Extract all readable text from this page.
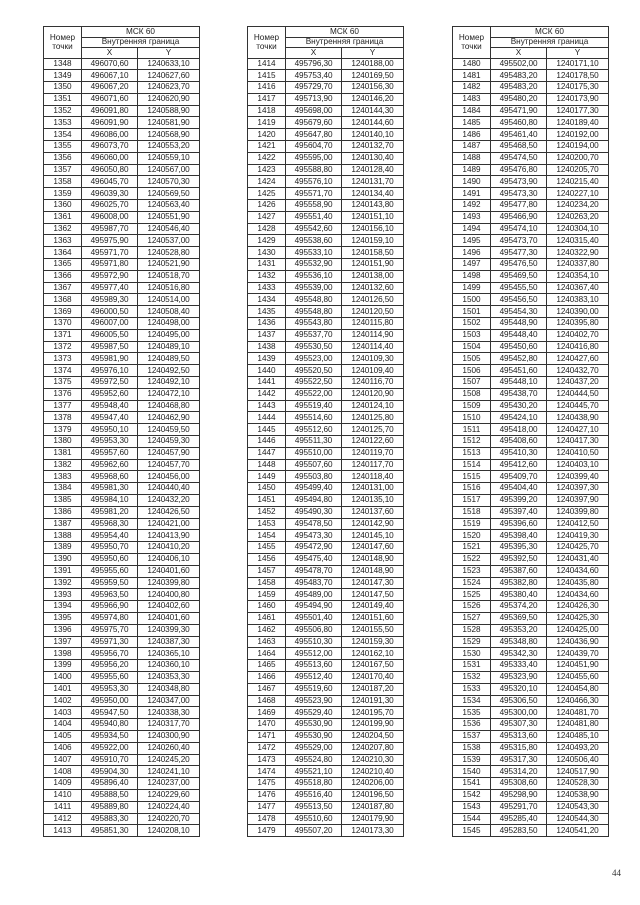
Номер точки	МСК 60	
	Внутренняя граница	
	X	Y
1348	496070,60	1240633,10
1349	496067,10	1240627,60
1350	496067,20	1240623,70
1351	496071,60	1240620,90
1352	496091,80	1240588,90
1353	496091,90	1240581,90
1354	496086,00	1240568,90
1355	496073,70	1240553,20
1356	496060,00	1240559,10
1357	496050,80	1240567,00
1358	496045,70	1240570,30
1359	496039,30	1240569,50
1360	496025,70	1240563,40
1361	496008,00	1240551,90
1362	495987,70	1240546,40
1363	495975,90	1240537,00
1364	495971,70	1240528,80
1365	495971,80	1240521,90
1366	495972,90	1240518,70
1367	495977,40	1240516,80
1368	495989,30	1240514,00
1369	496000,50	1240508,40
1370	496007,00	1240498,00
1371	496005,50	1240495,00
1372	495987,50	1240489,10
1373	495981,90	1240489,50
1374	495976,10	1240492,50
1375	495972,50	1240492,10
1376	495952,60	1240472,10
1377	495948,40	1240468,80
1378	495947,40	1240462,90
1379	495950,10	1240459,50
1380	495953,30	1240459,30
1381	495957,60	1240457,90
1382	495962,60	1240457,70
1383	495968,60	1240456,00
1384	495981,30	1240440,40
1385	495984,10	1240432,20
1386	495981,20	1240426,50
1387	495968,30	1240421,00
1388	495954,40	1240413,90
1389	495950,70	1240410,20
1390	495950,60	1240406,10
1391	495955,60	1240401,60
1392	495959,50	1240399,80
1393	495963,50	1240400,80
1394	495966,90	1240402,60
1395	495974,80	1240401,60
1396	495975,70	1240399,30
1397	495971,30	1240387,30
1398	495956,70	1240365,10
1399	495956,20	1240360,10
1400	495955,60	1240353,30
1401	495953,30	1240348,80
1402	495950,00	1240347,00
1403	495947,50	1240338,30
1404	495940,80	1240317,70
1405	495934,50	1240300,90
1406	495922,00	1240260,40
1407	495910,70	1240245,20
1408	495904,30	1240241,10
1409	495896,40	1240237,00
1410	495888,50	1240229,60
1411	495889,80	1240224,40
1412	495883,30	1240220,70
1413	495851,30	1240208,10
Номер точки	МСК 60	
	Внутренняя граница	
	X	Y
1414	495796,30	1240188,00
1415	495753,40	1240169,50
1416	495729,70	1240156,30
1417	495713,90	1240146,20
1418	495698,00	1240144,30
1419	495679,60	1240144,60
1420	495647,80	1240140,10
1421	495604,70	1240132,70
1422	495595,00	1240130,40
1423	495588,80	1240128,40
1424	495576,10	1240131,70
1425	495571,70	1240134,40
1426	495558,90	1240143,80
1427	495551,40	1240151,10
1428	495542,60	1240156,10
1429	495538,60	1240159,10
1430	495533,10	1240158,50
1431	495532,90	1240151,90
1432	495536,10	1240138,00
1433	495539,00	1240132,60
1434	495548,80	1240126,50
1435	495548,80	1240120,50
1436	495543,80	1240115,80
1437	495537,70	1240114,90
1438	495530,50	1240114,40
1439	495523,00	1240109,30
1440	495520,50	1240109,40
1441	495522,50	1240116,70
1442	495522,00	1240120,90
1443	495519,40	1240124,10
1444	495514,60	1240125,80
1445	495512,60	1240125,70
1446	495511,30	1240122,60
1447	495510,00	1240119,70
1448	495507,60	1240117,70
1449	495503,80	1240118,40
1450	495499,40	1240131,00
1451	495494,80	1240135,10
1452	495490,30	1240137,60
1453	495478,50	1240142,90
1454	495473,30	1240145,10
1455	495472,90	1240147,60
1456	495475,40	1240148,90
1457	495478,70	1240148,90
1458	495483,70	1240147,30
1459	495489,00	1240147,50
1460	495494,90	1240149,40
1461	495501,40	1240151,60
1462	495506,80	1240155,50
1463	495510,30	1240159,30
1464	495512,00	1240162,10
1465	495513,60	1240167,50
1466	495512,40	1240170,40
1467	495519,60	1240187,20
1468	495523,90	1240191,30
1469	495529,40	1240195,70
1470	495530,90	1240199,90
1471	495530,90	1240204,50
1472	495529,00	1240207,80
1473	495524,80	1240210,30
1474	495521,10	1240210,40
1475	495518,80	1240206,00
1476	495516,40	1240196,50
1477	495513,50	1240187,80
1478	495510,60	1240179,90
1479	495507,20	1240173,30
Номер точки	МСК 60	
	Внутренняя граница	
	X	Y
1480	495502,00	1240171,10
1481	495483,20	1240178,50
1482	495483,20	1240175,30
1483	495480,20	1240173,90
1484	495471,90	1240177,30
1485	495460,80	1240189,40
1486	495461,40	1240192,00
1487	495468,50	1240194,00
1488	495474,50	1240200,70
1489	495476,80	1240205,70
1490	495473,90	1240215,40
1491	495473,30	1240227,10
1492	495477,80	1240234,20
1493	495466,90	1240263,20
1494	495474,10	1240304,10
1495	495473,70	1240315,40
1496	495477,30	1240322,90
1497	495476,50	1240337,80
1498	495469,50	1240354,10
1499	495455,50	1240367,40
1500	495456,50	1240383,10
1501	495454,30	1240390,00
1502	495448,90	1240395,80
1503	495448,40	1240402,70
1504	495450,60	1240416,80
1505	495452,80	1240427,60
1506	495451,60	1240432,70
1507	495448,10	1240437,20
1508	495438,70	1240444,50
1509	495430,20	1240445,70
1510	495424,10	1240438,90
1511	495418,00	1240427,10
1512	495408,60	1240417,30
1513	495410,30	1240410,50
1514	495412,60	1240403,10
1515	495409,70	1240399,40
1516	495404,40	1240397,30
1517	495399,20	1240397,90
1518	495397,40	1240399,80
1519	495396,60	1240412,50
1520	495398,40	1240419,30
1521	495395,30	1240425,70
1522	495392,50	1240431,40
1523	495387,60	1240434,60
1524	495382,80	1240435,80
1525	495380,40	1240434,60
1526	495374,20	1240426,30
1527	495369,50	1240425,30
1528	495353,20	1240425,00
1529	495348,80	1240436,90
1530	495342,30	1240439,70
1531	495333,40	1240451,90
1532	495323,90	1240455,60
1533	495320,10	1240454,80
1534	495306,50	1240466,30
1535	495300,00	1240481,70
1536	495307,30	1240481,80
1537	495313,60	1240485,10
1538	495315,80	1240493,20
1539	495317,30	1240506,40
1540	495314,20	1240517,90
1541	495308,60	1240528,30
1542	495298,90	1240538,90
1543	495291,70	1240543,30
1544	495285,40	1240544,30
1545	495283,50	1240541,20
44
